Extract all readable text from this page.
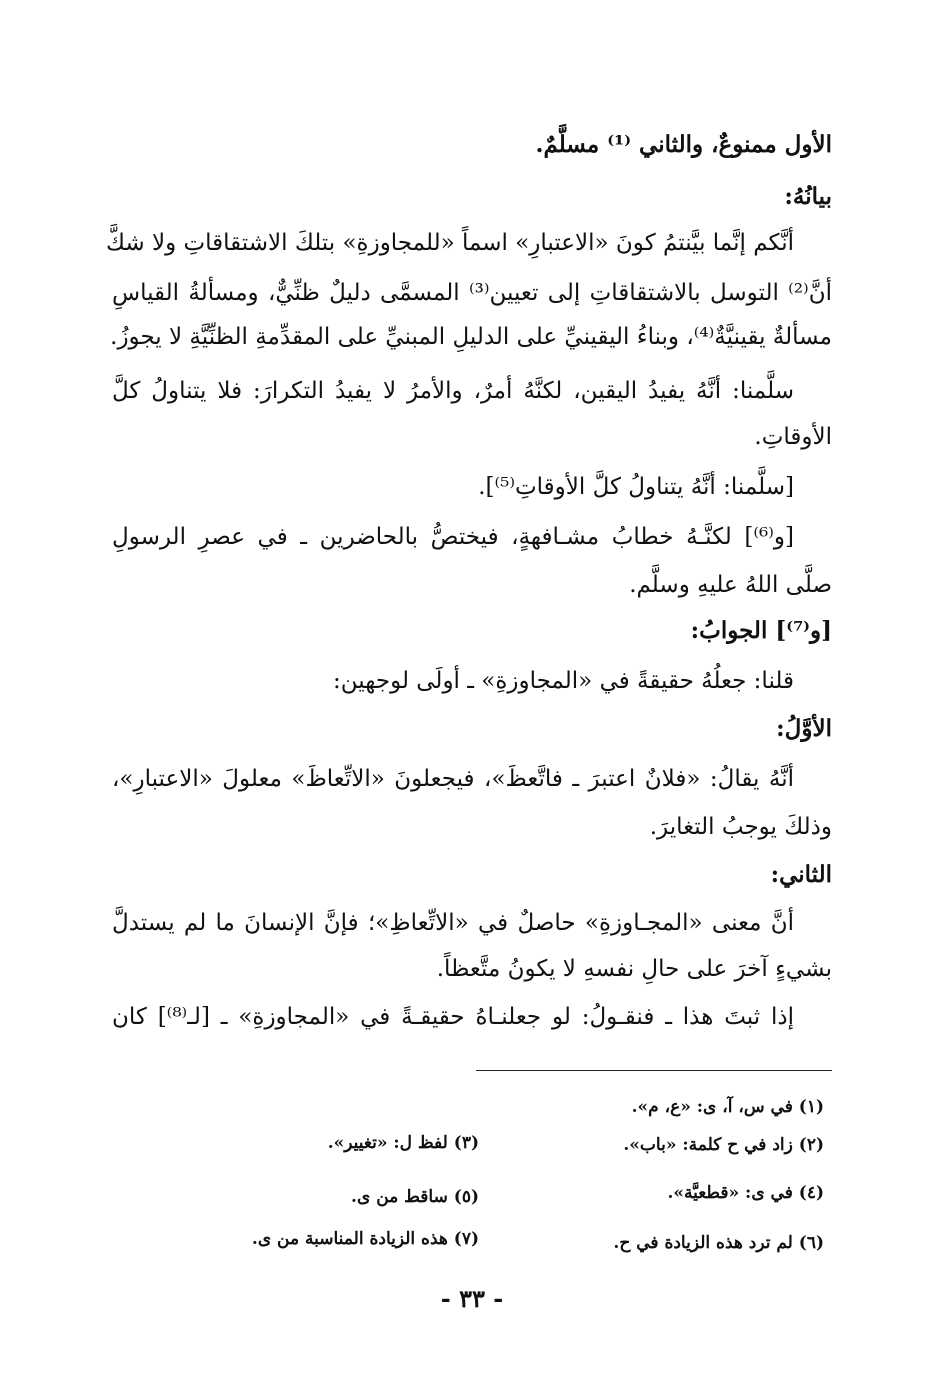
الأول ممنوعٌ، والثاني ⁽¹⁾ مسلَّمٌ.
بيانُهُ:
أنَّكم إنَّما بيَّنتمُ كونَ «الاعتبارِ» اسماً «للمجاوزةِ» بتلكَ الاشتقاقاتِ ولا شكَّ
أنَّ⁽²⁾ التوسل بالاشتقاقاتِ إلى تعيين⁽³⁾ المسمَّى دليلٌ ظنِّيٌّ، ومسألةُ القياسِ
مسألةٌ يقينيَّةٌ⁽⁴⁾، وبناءُ اليقينيِّ على الدليلِ المبنيِّ على المقدِّمةِ الظنِّيَّةِ لا يجوزُ.
سلَّمنا: أنَّهُ يفيدُ اليقين، لكنَّهُ أمرٌ، والأمرُ لا يفيدُ التكرارَ: فلا يتناولُ كلَّ
الأوقاتِ.
[سلَّمنا: أنَّهُ يتناولُ كلَّ الأوقاتِ⁽⁵⁾].
[و⁽⁶⁾] لكنَّـهُ خطابُ مشـافهةٍ، فيختصُّ بالحاضرين ـ في عصرِ الرسولِ
صلَّى اللهُ عليهِ وسلَّم.
[و⁽⁷⁾] الجوابُ:
قلنا: جعلُهُ حقيقةً في «المجاوزةِ» ـ أولَى لوجهين:
الأوَّلُ:
أنَّهُ يقالُ: «فلانٌ اعتبرَ ـ فاتَّعظَ»، فيجعلونَ «الاتِّعاظَ» معلولَ «الاعتبارِ»،
وذلكَ يوجبُ التغايرَ.
الثاني:
أنَّ معنى «المجـاوزةِ» حاصلٌ في «الاتِّعاظِ»؛ فإنَّ الإنسانَ ما لم يستدلَّ
بشيءٍ آخرَ على حالِ نفسهِ لا يكونُ متَّعظاً.
إذا ثبتَ هذا ـ فنقـولُ: لو جعلنـاهُ حقيقـةً في «المجاوزةِ» ـ [لـ⁽⁸⁾] كان
(١) في س، آ، ى: «ع، م».
(٢) زاد في ح كلمة: «باب».
(٣) لفظ ل: «تغيير».
(٤) في ى: «قطعيَّة».
(٥) ساقط من ى.
(٦) لم ترد هذه الزيادة في ح.
(٧) هذه الزيادة المناسبة من ى.
- ٣٣ -
